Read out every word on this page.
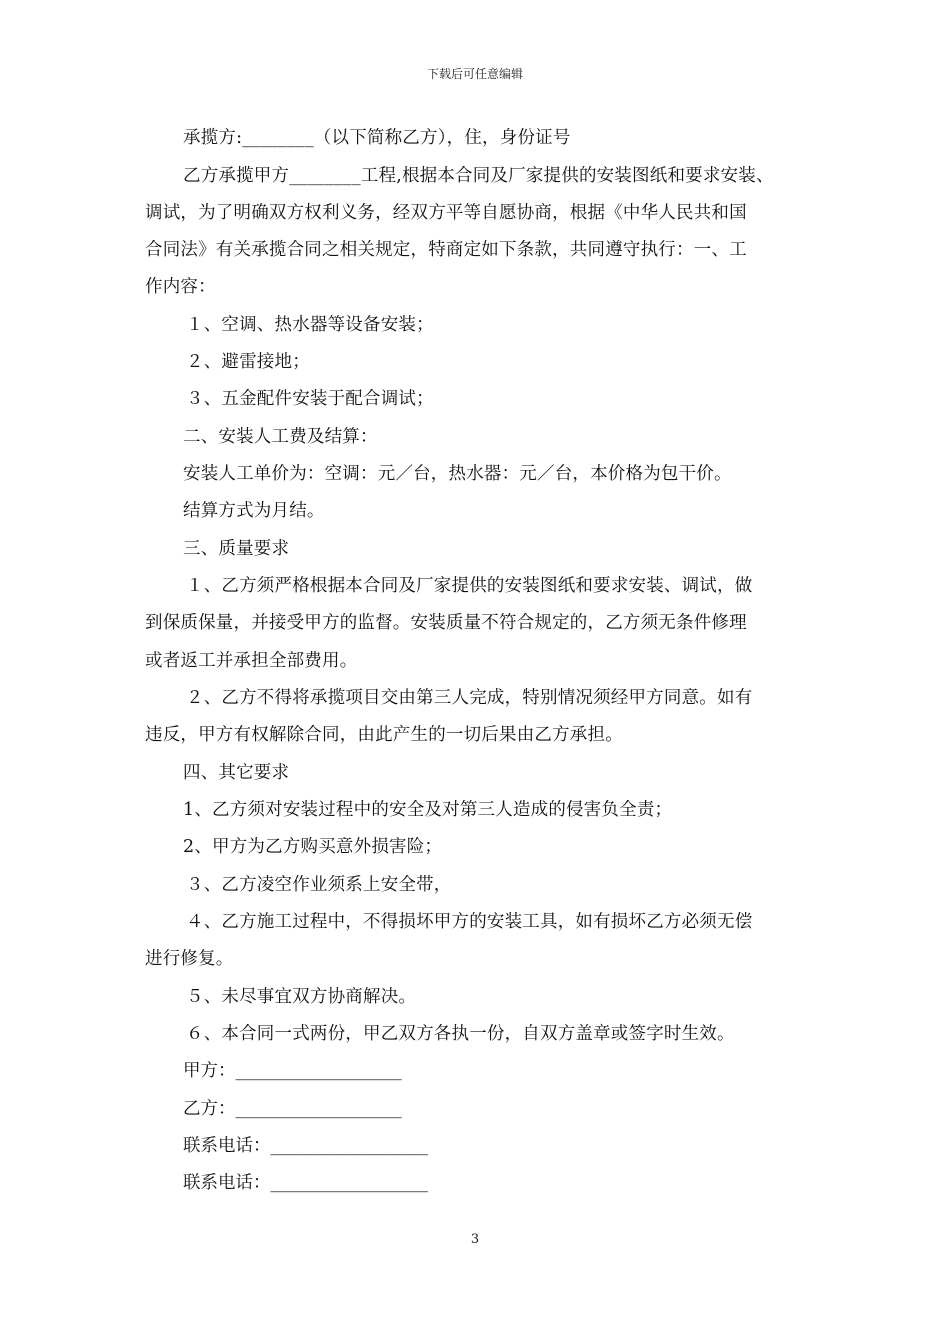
下载后可任意编辑
承揽方:________（以下简称乙方），住，身份证号
乙方承揽甲方________工程,根据本合同及厂家提供的安装图纸和要求安装、
调试，为了明确双方权利义务，经双方平等自愿协商，根据《中华人民共和国
合同法》有关承揽合同之相关规定，特商定如下条款，共同遵守执行：一、工
作内容：
１、空调、热水器等设备安装；
２、避雷接地；
３、五金配件安装于配合调试；
二、安装人工费及结算：
安装人工单价为：空调：元／台，热水器：元／台，本价格为包干价。
结算方式为月结。
三、质量要求
１、乙方须严格根据本合同及厂家提供的安装图纸和要求安装、调试，做
到保质保量，并接受甲方的监督。安装质量不符合规定的，乙方须无条件修理
或者返工并承担全部费用。
２、乙方不得将承揽项目交由第三人完成，特别情况须经甲方同意。如有
违反，甲方有权解除合同，由此产生的一切后果由乙方承担。
四、其它要求
1、乙方须对安装过程中的安全及对第三人造成的侵害负全责；
2、甲方为乙方购买意外损害险；
３、乙方凌空作业须系上安全带，
４、乙方施工过程中，不得损坏甲方的安装工具，如有损坏乙方必须无偿
进行修复。
５、未尽事宜双方协商解决。
６、本合同一式两份，甲乙双方各执一份，自双方盖章或签字时生效。
甲方：___________________
乙方：___________________
联系电话：__________________
联系电话：__________________
3
